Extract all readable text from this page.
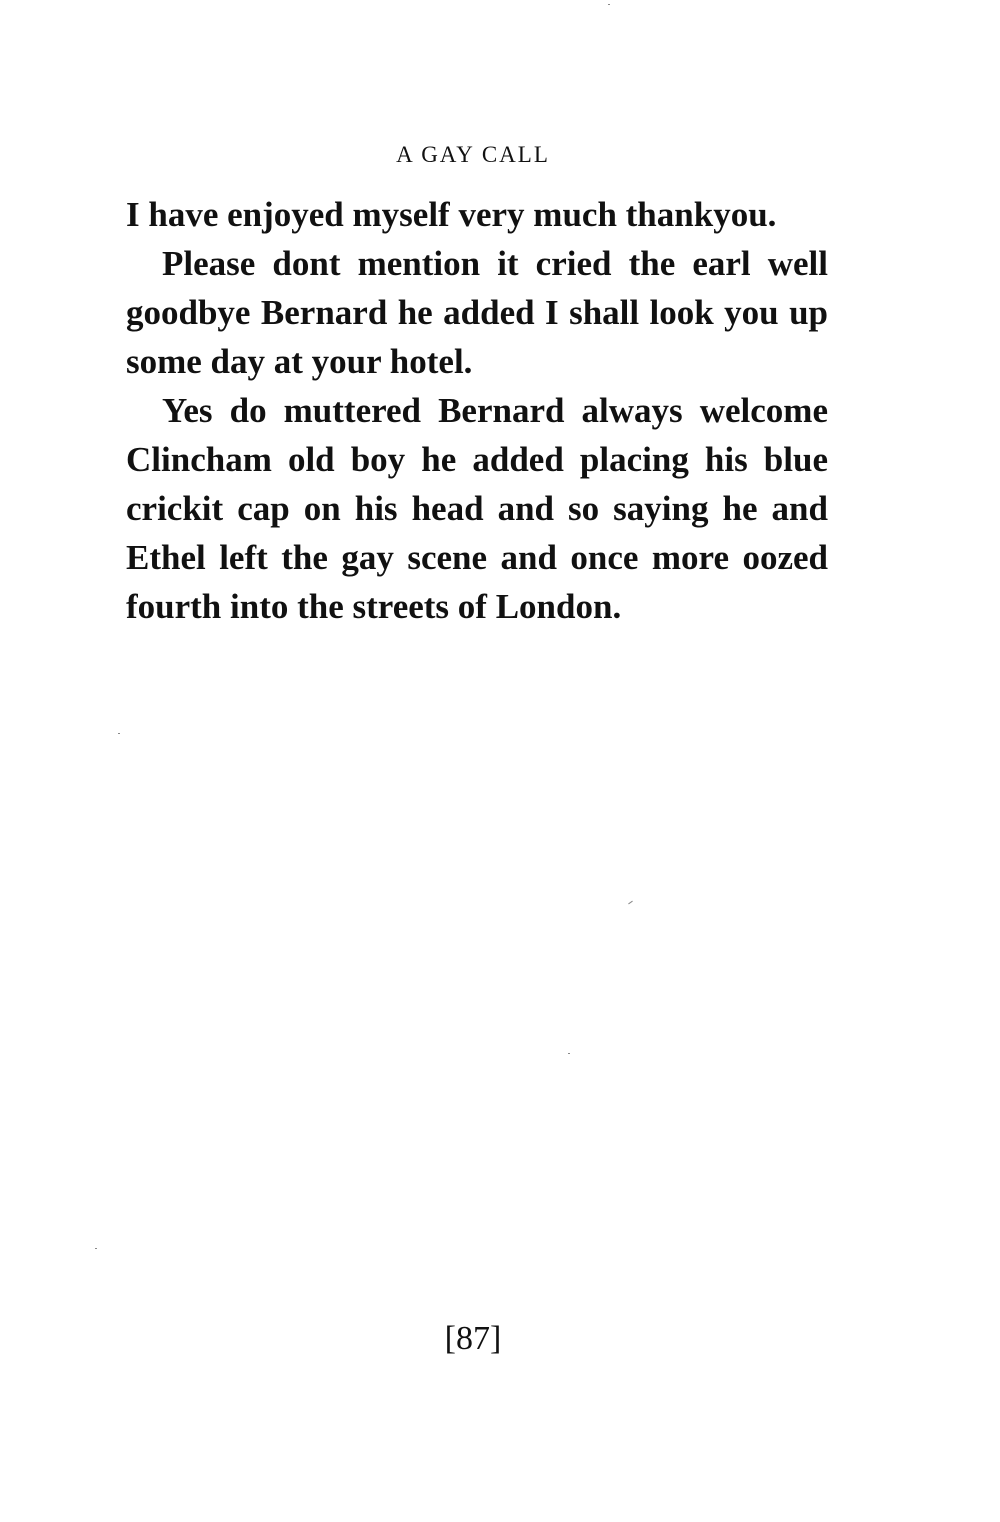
A GAY CALL

I have enjoyed myself very much thankyou.

Please dont mention it cried the earl well goodbye Bernard he added I shall look you up some day at your hotel.

Yes do muttered Bernard always welcome Clincham old boy he added placing his blue crickit cap on his head and so saying he and Ethel left the gay scene and once more oozed fourth into the streets of London.

[87]
